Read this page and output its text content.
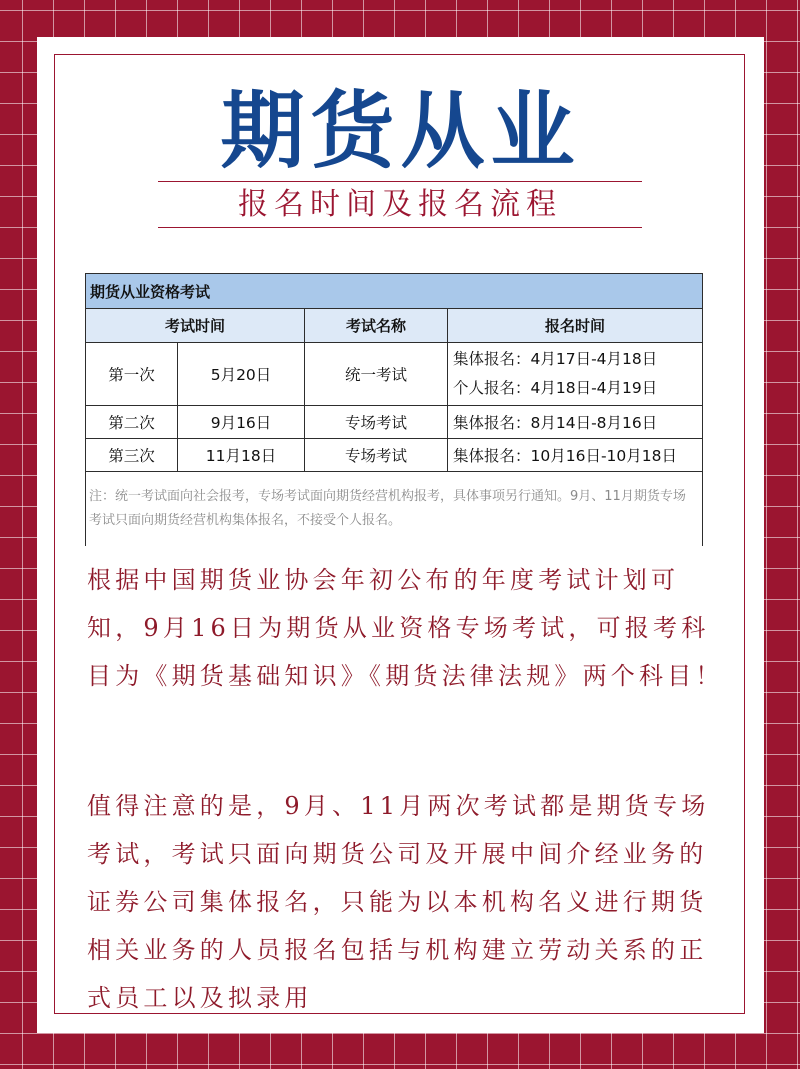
期货从业
报名时间及报名流程
期货从业资格考试			
考试时间		考试名称	报名时间
第一次	5月20日	统一考试	集体报名：4月17日-4月18日
个人报名：4月18日-4月19日

第二次	9月16日	专场考试	集体报名：8月14日-8月16日
第三次	11月18日	专场考试	集体报名：10月16日-10月18日
注：统一考试面向社会报考，专场考试面向期货经营机构报考，具体事项另行通知。9月、11月期货专场考试只面向期货经营机构集体报名，不接受个人报名。			

根据中国期货业协会年初公布的年度考试计划可知，9月16日为期货从业资格专场考试，可报考科目为《期货基础知识》《期货法律法规》两个科目！

值得注意的是，9月、11月两次考试都是期货专场考试，考试只面向期货公司及开展中间介经业务的证券公司集体报名，只能为以本机构名义进行期货相关业务的人员报名包括与机构建立劳动关系的正式员工以及拟录用
